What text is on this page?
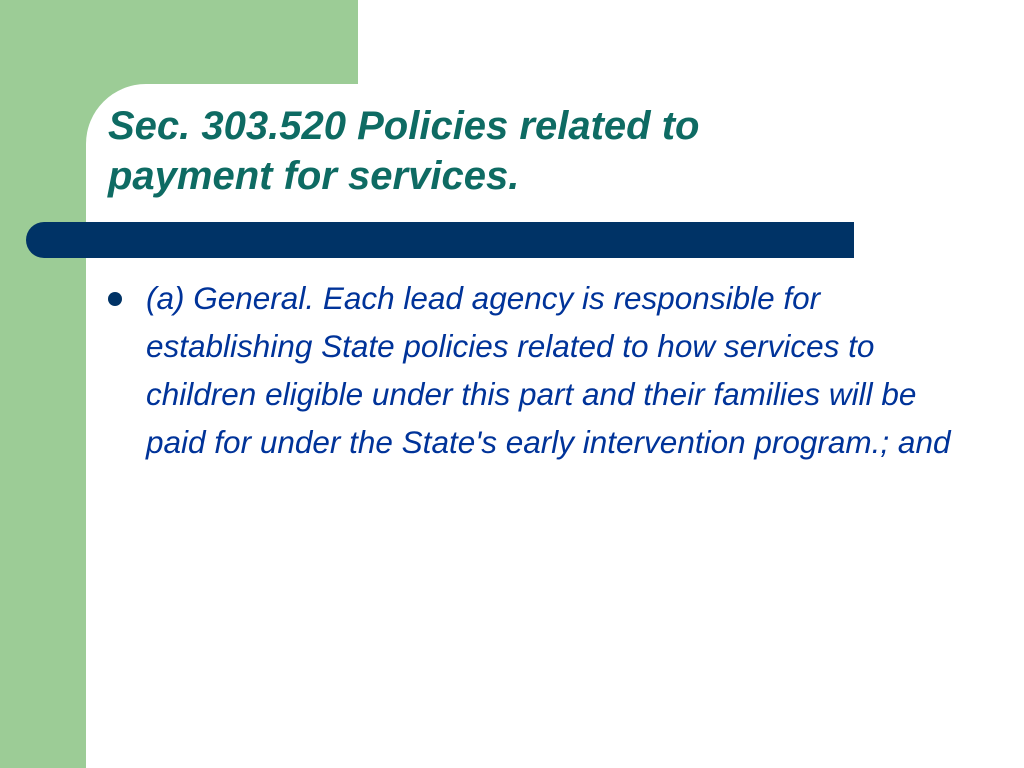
Sec. 303.520 Policies related to payment for services.
(a) General. Each lead agency is responsible for establishing State policies related to how services to children eligible under this part and their families will be paid for under the State's early intervention program.; and
